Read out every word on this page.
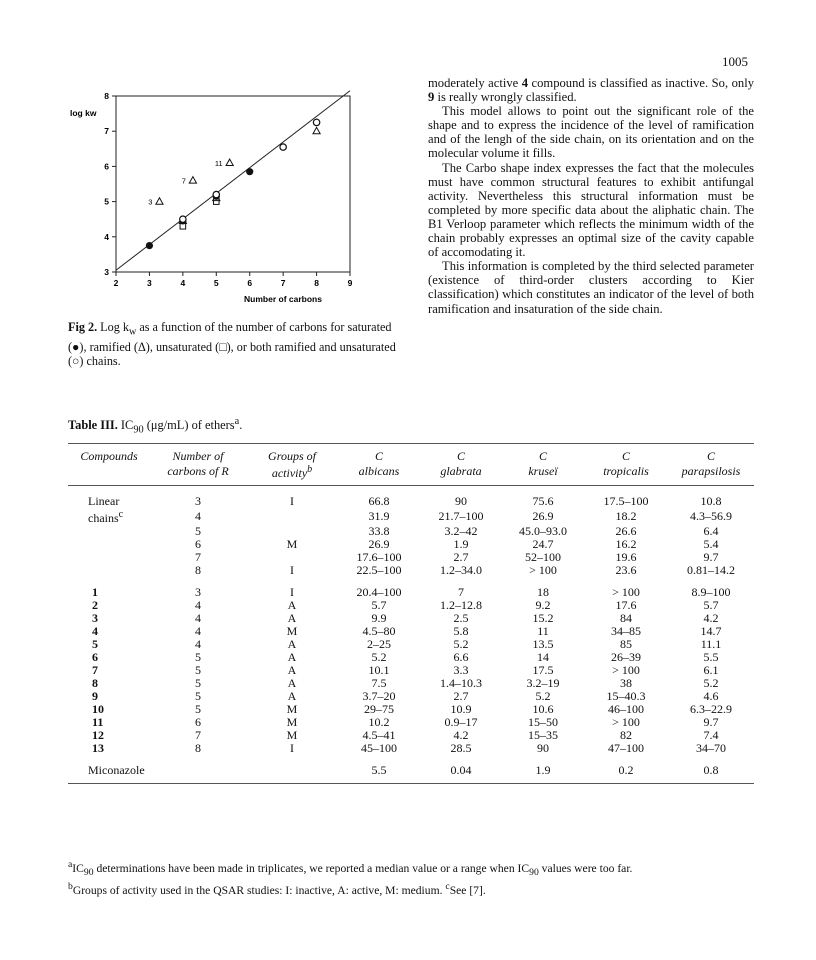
1005
2	3	4	5	6	7	8	9
3
4
5
6
7
8
log kw
Number of carbons
3
7
11
Fig 2. Log $k_w$ as a function of the number of carbons for saturated (●), ramified (Δ), unsaturated (□), or both ramified and unsaturated (○) chains.

moderately active 4 compound is classified as inactive. So, only 9 is really wrongly classified.

This model allows to point out the significant role of the shape and to express the incidence of the level of ramification and of the lengh of the side chain, on its orientation and on the molecular volume it fills.

The Carbo shape index expresses the fact that the molecules must have common structural features to exhibit antifungal activity. Nevertheless this structural information must be completed by more specific data about the aliphatic chain. The B1 Verloop parameter which reflects the minimum width of the chain probably expresses an optimal size of the cavity capable of accomodating it.

This information is completed by the third selected parameter (existence of third-order clusters according to Kier classification) which constitutes an indicator of the level of both ramification and insaturation of the side chain.

Table III. $IC_{90}$ (μg/mL) of ethers$^a$.
Compounds	Number of	Groups of	C	C	C	C	C
	carbons of R	activity$^b$	albicans	glabrata	kruseï	tropicalis	parapsilosis

Linear	3	I	66.8	90	75.6	17.5–100	10.8
chains$^c$	4		31.9	21.7–100	26.9	18.2	4.3–56.9
	5		33.8	3.2–42	45.0–93.0	26.6	6.4
	6	M	26.9	1.9	24.7	16.2	5.4
	7		17.6–100	2.7	52–100	19.6	9.7
	8	I	22.5–100	1.2–34.0	> 100	23.6	0.81–14.2

1	3	I	20.4–100	7	18	> 100	8.9–100
2	4	A	5.7	1.2–12.8	9.2	17.6	5.7
3	4	A	9.9	2.5	15.2	84	4.2
4	4	M	4.5–80	5.8	11	34–85	14.7
5	4	A	2–25	5.2	13.5	85	11.1
6	5	A	5.2	6.6	14	26–39	5.5
7	5	A	10.1	3.3	17.5	> 100	6.1
8	5	A	7.5	1.4–10.3	3.2–19	38	5.2
9	5	A	3.7–20	2.7	5.2	15–40.3	4.6
10	5	M	29–75	10.9	10.6	46–100	6.3–22.9
11	6	M	10.2	0.9–17	15–50	> 100	9.7
12	7	M	4.5–41	4.2	15–35	82	7.4
13	8	I	45–100	28.5	90	47–100	34–70

Miconazole			5.5	0.04	1.9	0.2	0.8

$^aIC_{90}$ determinations have been made in triplicates, we reported a median value or a range when $IC_{90}$ values were too far.

$^b$Groups of activity used in the QSAR studies: I: inactive, A: active, M: medium. $^c$See [7].
